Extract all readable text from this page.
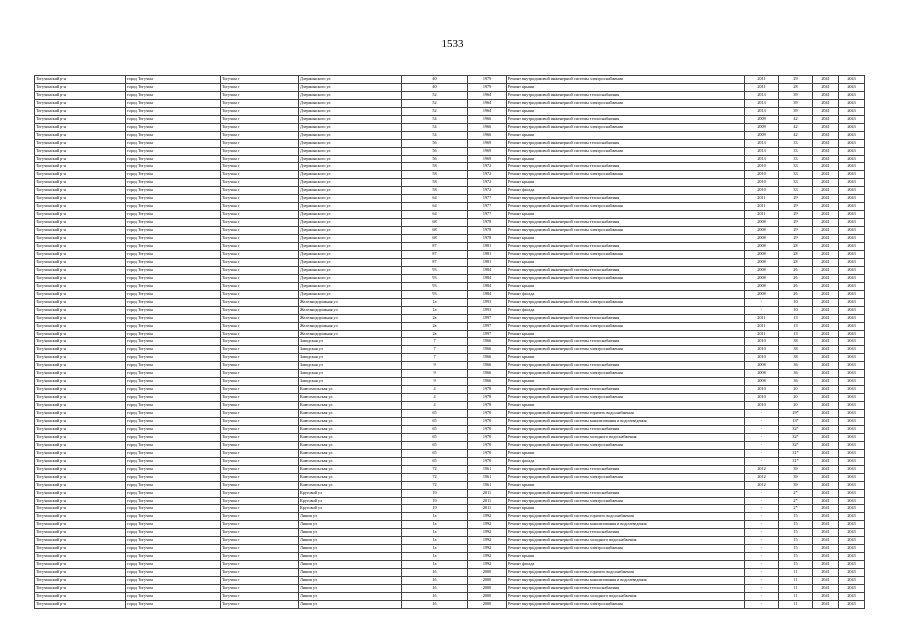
1533
Тогучинский р-н	город Тогучин	Тогучин г	Дзержинского ул	40	1979	Ремонт внутридомовой инженерной системы электроснабжения	2011	29	2041	2043
Тогучинский р-н	город Тогучин	Тогучин г	Дзержинского ул	40	1979	Ремонт крыши	2011	28	2041	2043
Тогучинский р-н	город Тогучин	Тогучин г	Дзержинского ул	52	1964	Ремонт внутридомовой инженерной системы теплоснабжения	2013	39	2041	2043
Тогучинский р-н	город Тогучин	Тогучин г	Дзержинского ул	52	1964	Ремонт внутридомовой инженерной системы электроснабжения	2013	39	2041	2043
Тогучинский р-н	город Тогучин	Тогучин г	Дзержинского ул	52	1964	Ремонт крыши	2013	39	2041	2043
Тогучинский р-н	город Тогучин	Тогучин г	Дзержинского ул	54	1966	Ремонт внутридомовой инженерной системы теплоснабжения	2009	42	2041	2043
Тогучинский р-н	город Тогучин	Тогучин г	Дзержинского ул	54	1966	Ремонт внутридомовой инженерной системы электроснабжения	2009	42	2041	2043
Тогучинский р-н	город Тогучин	Тогучин г	Дзержинского ул	54	1966	Ремонт крыши	2009	42	2041	2043
Тогучинский р-н	город Тогучин	Тогучин г	Дзержинского ул	56	1969	Ремонт внутридомовой инженерной системы теплоснабжения	2013	33	2041	2043
Тогучинский р-н	город Тогучин	Тогучин г	Дзержинского ул	56	1969	Ремонт внутридомовой инженерной системы электроснабжения	2013	33	2041	2043
Тогучинский р-н	город Тогучин	Тогучин г	Дзержинского ул	56	1969	Ремонт крыши	2013	33	2041	2043
Тогучинский р-н	город Тогучин	Тогучин г	Дзержинского ул	58	1972	Ремонт внутридомовой инженерной системы теплоснабжения	2010	33	2041	2043
Тогучинский р-н	город Тогучин	Тогучин г	Дзержинского ул	58	1972	Ремонт внутридомовой инженерной системы электроснабжения	2010	33	2041	2043
Тогучинский р-н	город Тогучин	Тогучин г	Дзержинского ул	58	1972	Ремонт крыши	2010	33	2041	2043
Тогучинский р-н	город Тогучин	Тогучин г	Дзержинского ул	58	1972	Ремонт фасада	2010	33	2041	2043
Тогучинский р-н	город Тогучин	Тогучин г	Дзержинского ул	64	1977	Ремонт внутридомовой инженерной системы теплоснабжения	2011	29	2041	2043
Тогучинский р-н	город Тогучин	Тогучин г	Дзержинского ул	64	1977	Ремонт внутридомовой инженерной системы электроснабжения	2011	29	2041	2043
Тогучинский р-н	город Тогучин	Тогучин г	Дзержинского ул	64	1977	Ремонт крыши	2011	29	2041	2043
Тогучинский р-н	город Тогучин	Тогучин г	Дзержинского ул	68	1978	Ремонт внутридомовой инженерной системы теплоснабжения	2008	29	2041	2043
Тогучинский р-н	город Тогучин	Тогучин г	Дзержинского ул	68	1978	Ремонт внутридомовой инженерной системы электроснабжения	2008	29	2041	2043
Тогучинский р-н	город Тогучин	Тогучин г	Дзержинского ул	68	1978	Ремонт крыши	2008	29	2041	2043
Тогучинский р-н	город Тогучин	Тогучин г	Дзержинского ул	87	1981	Ремонт внутридомовой инженерной системы теплоснабжения	2008	28	2041	2043
Тогучинский р-н	город Тогучин	Тогучин г	Дзержинского ул	87	1981	Ремонт внутридомовой инженерной системы электроснабжения	2008	28	2041	2043
Тогучинский р-н	город Тогучин	Тогучин г	Дзержинского ул	87	1981	Ремонт крыши	2008	28	2041	2043
Тогучинский р-н	город Тогучин	Тогучин г	Дзержинского ул	93	1984	Ремонт внутридомовой инженерной системы теплоснабжения	2008	26	2041	2043
Тогучинский р-н	город Тогучин	Тогучин г	Дзержинского ул	93	1984	Ремонт внутридомовой инженерной системы электроснабжения	2008	26	2041	2043
Тогучинский р-н	город Тогучин	Тогучин г	Дзержинского ул	93	1984	Ремонт крыши	2008	26	2041	2043
Тогучинский р-н	город Тогучин	Тогучин г	Дзержинского ул	93	1984	Ремонт фасада	2008	26	2041	2043
Тогучинский р-н	город Тогучин	Тогучин г	Железнодорожная ул	1а	1993	Ремонт внутридомовой инженерной системы электроснабжения	-	10	2041	2043
Тогучинский р-н	город Тогучин	Тогучин г	Железнодорожная ул	1а	1993	Ремонт фасада	-	10	2041	2043
Тогучинский р-н	город Тогучин	Тогучин г	Железнодорожная ул	2а	1997	Ремонт внутридомовой инженерной системы теплоснабжения	2011	13	2041	2043
Тогучинский р-н	город Тогучин	Тогучин г	Железнодорожная ул	2а	1997	Ремонт внутридомовой инженерной системы электроснабжения	2011	13	2041	2043
Тогучинский р-н	город Тогучин	Тогучин г	Железнодорожная ул	2а	1997	Ремонт крыши	2011	13	2041	2043
Тогучинский р-н	город Тогучин	Тогучин г	Заводская ул	7	1966	Ремонт внутридомовой инженерной системы теплоснабжения	2010	38	2041	2043
Тогучинский р-н	город Тогучин	Тогучин г	Заводская ул	7	1966	Ремонт внутридомовой инженерной системы электроснабжения	2010	38	2041	2043
Тогучинский р-н	город Тогучин	Тогучин г	Заводская ул	7	1966	Ремонт крыши	2010	38	2041	2043
Тогучинский р-н	город Тогучин	Тогучин г	Заводская ул	9	1966	Ремонт внутридомовой инженерной системы теплоснабжения	2008	36	2041	2043
Тогучинский р-н	город Тогучин	Тогучин г	Заводская ул	9	1966	Ремонт внутридомовой инженерной системы электроснабжения	2008	36	2041	2043
Тогучинский р-н	город Тогучин	Тогучин г	Заводская ул	9	1966	Ремонт крыши	2008	36	2041	2043
Тогучинский р-н	город Тогучин	Тогучин г	Комсомольская ул	4	1978	Ремонт внутридомовой инженерной системы теплоснабжения	2010	20	2041	2043
Тогучинский р-н	город Тогучин	Тогучин г	Комсомольская ул	4	1978	Ремонт внутридомовой инженерной системы электроснабжения	2010	20	2041	2043
Тогучинский р-н	город Тогучин	Тогучин г	Комсомольская ул	4	1978	Ремонт крыши	2010	20	2041	2043
Тогучинский р-н	город Тогучин	Тогучин г	Комсомольская ул	65	1970	Ремонт внутридомовой инженерной системы горячего водоснабжения	-	29*	2041	2043
Тогучинский р-н	город Тогучин	Тогучин г	Комсомольская ул	65	1970	Ремонт внутридомовой инженерной системы канализования и водоотведения	-	13*	2041	2043
Тогучинский р-н	город Тогучин	Тогучин г	Комсомольская ул	65	1970	Ремонт внутридомовой инженерной системы теплоснабжения	-	32*	2041	2043
Тогучинский р-н	город Тогучин	Тогучин г	Комсомольская ул	65	1970	Ремонт внутридомовой инженерной системы холодного водоснабжения	-	32*	2041	2043
Тогучинский р-н	город Тогучин	Тогучин г	Комсомольская ул	65	1970	Ремонт внутридомовой инженерной системы электроснабжения	-	32*	2041	2043
Тогучинский р-н	город Тогучин	Тогучин г	Комсомольская ул	65	1970	Ремонт крыши	-	31*	2041	2043
Тогучинский р-н	город Тогучин	Тогучин г	Комсомольская ул	65	1970	Ремонт фасада	-	31*	2041	2043
Тогучинский р-н	город Тогучин	Тогучин г	Комсомольская ул	72	1961	Ремонт внутридомовой инженерной системы теплоснабжения	2012	39	2041	2043
Тогучинский р-н	город Тогучин	Тогучин г	Комсомольская ул	72	1961	Ремонт внутридомовой инженерной системы электроснабжения	2012	39	2041	2043
Тогучинский р-н	город Тогучин	Тогучин г	Комсомольская ул	72	1961	Ремонт крыши	2012	39	2041	2043
Тогучинский р-н	город Тогучин	Тогучин г	Круговой ул	19	2011	Ремонт внутридомовой инженерной системы теплоснабжения	-	2*	2041	2043
Тогучинский р-н	город Тогучин	Тогучин г	Круговой ул	19	2011	Ремонт внутридомовой инженерной системы электроснабжения	-	2*	2041	2043
Тогучинский р-н	город Тогучин	Тогучин г	Круговой ул	19	2011	Ремонт крыши	-	2*	2041	2043
Тогучинский р-н	город Тогучин	Тогучин г	Линии ул	1а	1992	Ремонт внутридомовой инженерной системы горячего водоснабжения	-	15	2041	2043
Тогучинский р-н	город Тогучин	Тогучин г	Линии ул	1а	1992	Ремонт внутридомовой инженерной системы канализования и водоотведения	-	15	2041	2043
Тогучинский р-н	город Тогучин	Тогучин г	Линии ул	1а	1992	Ремонт внутридомовой инженерной системы теплоснабжения	-	15	2041	2043
Тогучинский р-н	город Тогучин	Тогучин г	Линии ул	1а	1992	Ремонт внутридомовой инженерной системы холодного водоснабжения	-	15	2041	2043
Тогучинский р-н	город Тогучин	Тогучин г	Линии ул	1а	1992	Ремонт внутридомовой инженерной системы электроснабжения	-	15	2041	2043
Тогучинский р-н	город Тогучин	Тогучин г	Линии ул	1а	1992	Ремонт крыши	-	15	2041	2043
Тогучинский р-н	город Тогучин	Тогучин г	Линии ул	1а	1992	Ремонт фасада	-	15	2041	2043
Тогучинский р-н	город Тогучин	Тогучин г	Линии ул	16	2000	Ремонт внутридомовой инженерной системы горячего водоснабжения	-	11	2041	2043
Тогучинский р-н	город Тогучин	Тогучин г	Линии ул	16	2000	Ремонт внутридомовой инженерной системы канализования и водоотведения	-	11	2041	2043
Тогучинский р-н	город Тогучин	Тогучин г	Линии ул	16	2000	Ремонт внутридомовой инженерной системы теплоснабжения	-	11	2041	2043
Тогучинский р-н	город Тогучин	Тогучин г	Линии ул	16	2000	Ремонт внутридомовой инженерной системы холодного водоснабжения	-	11	2041	2043
Тогучинский р-н	город Тогучин	Тогучин г	Линии ул	16	2000	Ремонт внутридомовой инженерной системы электроснабжения	-	11	2041	2043
